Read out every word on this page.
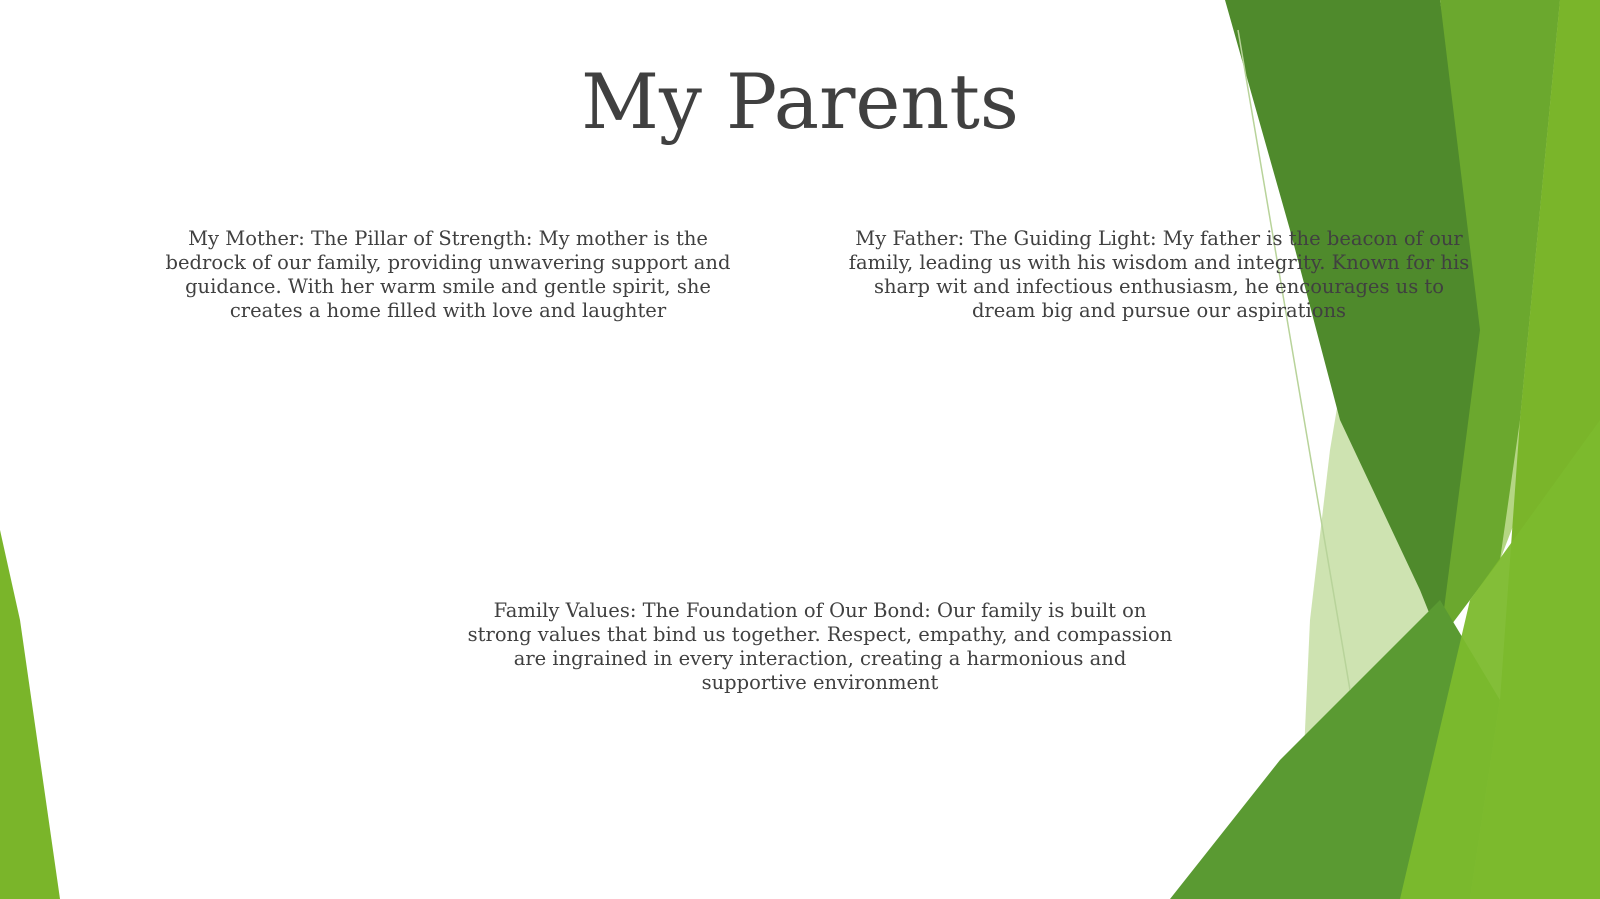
My Parents

My Mother: The Pillar of Strength: My mother is the bedrock of our family, providing unwavering support and guidance. With her warm smile and gentle spirit, she creates a home filled with love and laughter

My Father: The Guiding Light: My father is the beacon of our family, leading us with his wisdom and integrity. Known for his sharp wit and infectious enthusiasm, he encourages us to dream big and pursue our aspirations

Family Values: The Foundation of Our Bond: Our family is built on strong values that bind us together. Respect, empathy, and compassion are ingrained in every interaction, creating a harmonious and supportive environment
